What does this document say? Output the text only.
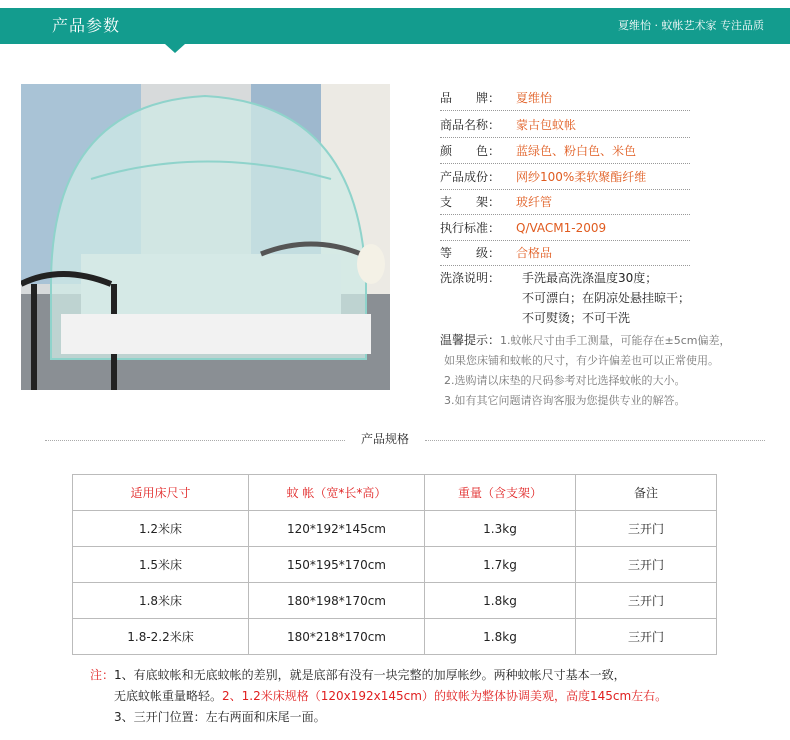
产品参数	夏维怡 · 蚊帐艺术家 专注品质
品　　牌： 夏维怡
商品名称： 蒙古包蚊帐
颜　　色： 蓝绿色、粉白色、米色
产品成份： 网纱100%柔软聚酯纤维
支　　架： 玻纤管
执行标准： Q/VACM1-2009
等　　级： 合格品
洗涤说明： 手洗最高洗涤温度30度；
不可漂白；在阴凉处悬挂晾干；
不可熨烫；不可干洗
温馨提示：1.蚊帐尺寸由手工测量，可能存在±5cm偏差，
如果您床铺和蚊帐的尺寸，有少许偏差也可以正常使用。
2.选购请以床垫的尺码参考对比选择蚊帐的大小。
3.如有其它问题请咨询客服为您提供专业的解答。
产品规格
适用床尺寸	蚊 帐（宽*长*高）	重量（含支架）	备注
1.2米床	120*192*145cm	1.3kg	三开门
1.5米床	150*195*170cm	1.7kg	三开门
1.8米床	180*198*170cm	1.8kg	三开门
1.8-2.2米床	180*218*170cm	1.8kg	三开门
注：1、有底蚊帐和无底蚊帐的差别，就是底部有没有一块完整的加厚帐纱。两种蚊帐尺寸基本一致，
无底蚊帐重量略轻。2、1.2米床规格（120x192x145cm）的蚊帐为整体协调美观，高度145cm左右。
3、三开门位置：左右两面和床尾一面。
